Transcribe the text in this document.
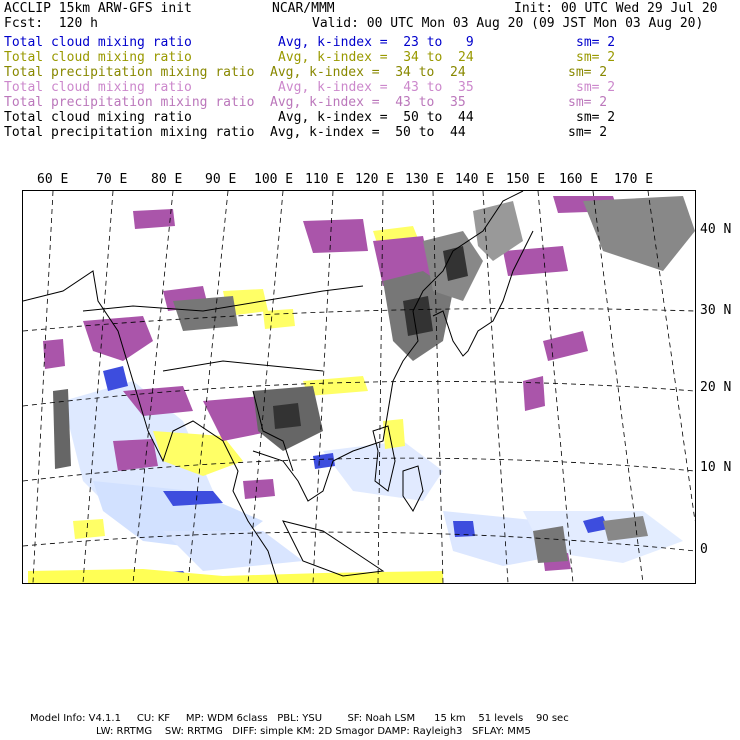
ACCLIP 15km ARW-GFS init	NCAR/MMM	Init: 00 UTC Wed 29 Jul 20
Fcst:  120 h	Valid: 00 UTC Mon 03 Aug 20 (09 JST Mon 03 Aug 20)
Total cloud mixing ratio	Avg, k-index =  23 to   9	sm= 2
Total cloud mixing ratio	Avg, k-index =  34 to  24	sm= 2
Total precipitation mixing ratio Avg, k-index =  34 to  24	sm= 2
Total cloud mixing ratio	Avg, k-index =  43 to  35	sm= 2
Total precipitation mixing ratio Avg, k-index =  43 to  35	sm= 2
Total cloud mixing ratio	Avg, k-index =  50 to  44	sm= 2
Total precipitation mixing ratio Avg, k-index =  50 to  44	sm= 2
60 E 70 E 80 E 90 E 100 E 110 E 120 E 130 E 140 E 150 E 160 E 170 E
40 N
30 N
20 N
10 N
0
Model Info: V4.1.1     CU: KF     MP: WDM 6class   PBL: YSU        SF: Noah LSM      15 km    51 levels    90 sec
LW: RRTMG    SW: RRTMG   DIFF: simple KM: 2D Smagor DAMP: Rayleigh3   SFLAY: MM5
